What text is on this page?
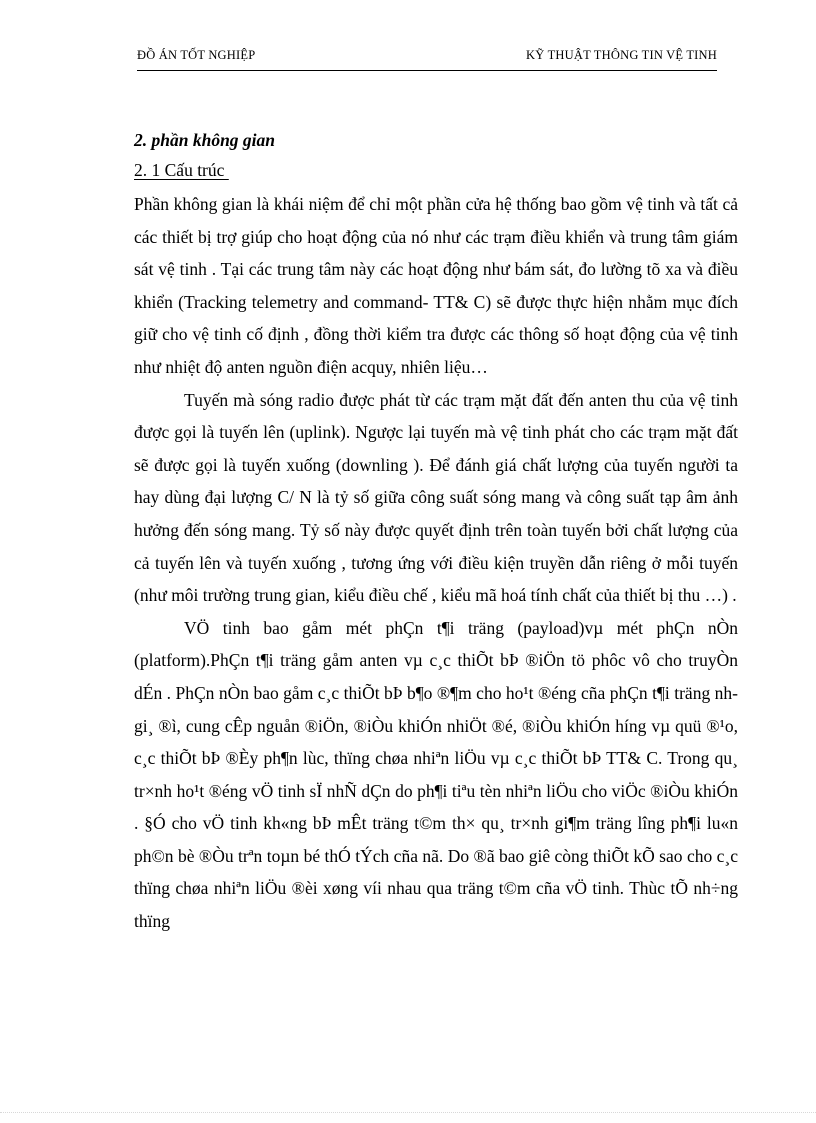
ĐỒ ÁN TỐT NGHIỆP	KỸ THUẬT THÔNG TIN VỆ TINH

2. phần không gian

2. 1 Cấu trúc

Phần không gian là khái niệm để chỉ một phần cửa hệ thống bao gồm vệ tinh và tất cả các thiết bị trợ giúp cho hoạt động của nó như các trạm điều khiển và trung tâm giám sát vệ tinh . Tại các trung tâm này các hoạt động như bám sát, đo lường tõ xa và điều khiển (Tracking telemetry and command- TT& C) sẽ được thực hiện nhằm mục đích giữ cho vệ tinh cố định , đồng thời kiểm tra được các thông số hoạt động của vệ tinh như nhiệt độ anten nguồn điện acquy, nhiên liệu…

Tuyến mà sóng radio được phát từ các trạm mặt đất đến anten thu của vệ tinh được gọi là tuyến lên (uplink). Ngược lại tuyến mà vệ tinh phát cho các trạm mặt đất sẽ được gọi là tuyến xuống (downling ). Để đánh giá chất lượng của tuyến người ta hay dùng đại lượng C/ N là tỷ số giữa công suất sóng mang và công suất tạp âm ảnh hưởng đến sóng mang. Tỷ số này được quyết định trên toàn tuyến bởi chất lượng của cả tuyến lên và tuyến xuống , tương ứng với điều kiện truyền dẫn riêng ở mỗi tuyến (như môi trường trung gian, kiểu điều chế , kiểu mã hoá tính chất của thiết bị thu …) .

VÖ tinh bao gåm mét phÇn t¶i träng (payload)vµ mét phÇn nÒn (platform).PhÇn t¶i träng gåm anten vµ c¸c thiÕt bÞ ®iÖn tö phôc vô cho truyÒn dÉn . PhÇn nÒn bao gåm c¸c thiÕt bÞ b¶o ®¶m cho ho¹t ®éng cña phÇn t¶i träng nh gi¸ ®ì, cung cÊp nguån ®iÖn, ®iÒu khiÓn nhiÖt ®é, ®iÒu khiÓn híng vµ quü ®¹o, c¸c thiÕt bÞ ®Èy ph¶n lùc, thïng chøa nhiªn liÖu vµ c¸c thiÕt bÞ TT& C. Trong qu¸ tr×nh ho¹t ®éng vÖ tinh sÏ nhÑ dÇn do ph¶i tiªu tèn nhiªn liÖu cho viÖc ®iÒu khiÓn . §Ó cho vÖ tinh kh«ng bÞ mÊt träng t©m th× qu¸ tr×nh gi¶m träng lîng ph¶i lu«n ph©n bè ®Òu trªn toµn bé thÓ tÝch cña nã. Do ®ã bao giê còng thiÕt kÕ sao cho c¸c thïng chøa nhiªn liÖu ®èi xøng víi nhau qua träng t©m cña vÖ tinh. Thùc tÕ nh÷ng thïng
